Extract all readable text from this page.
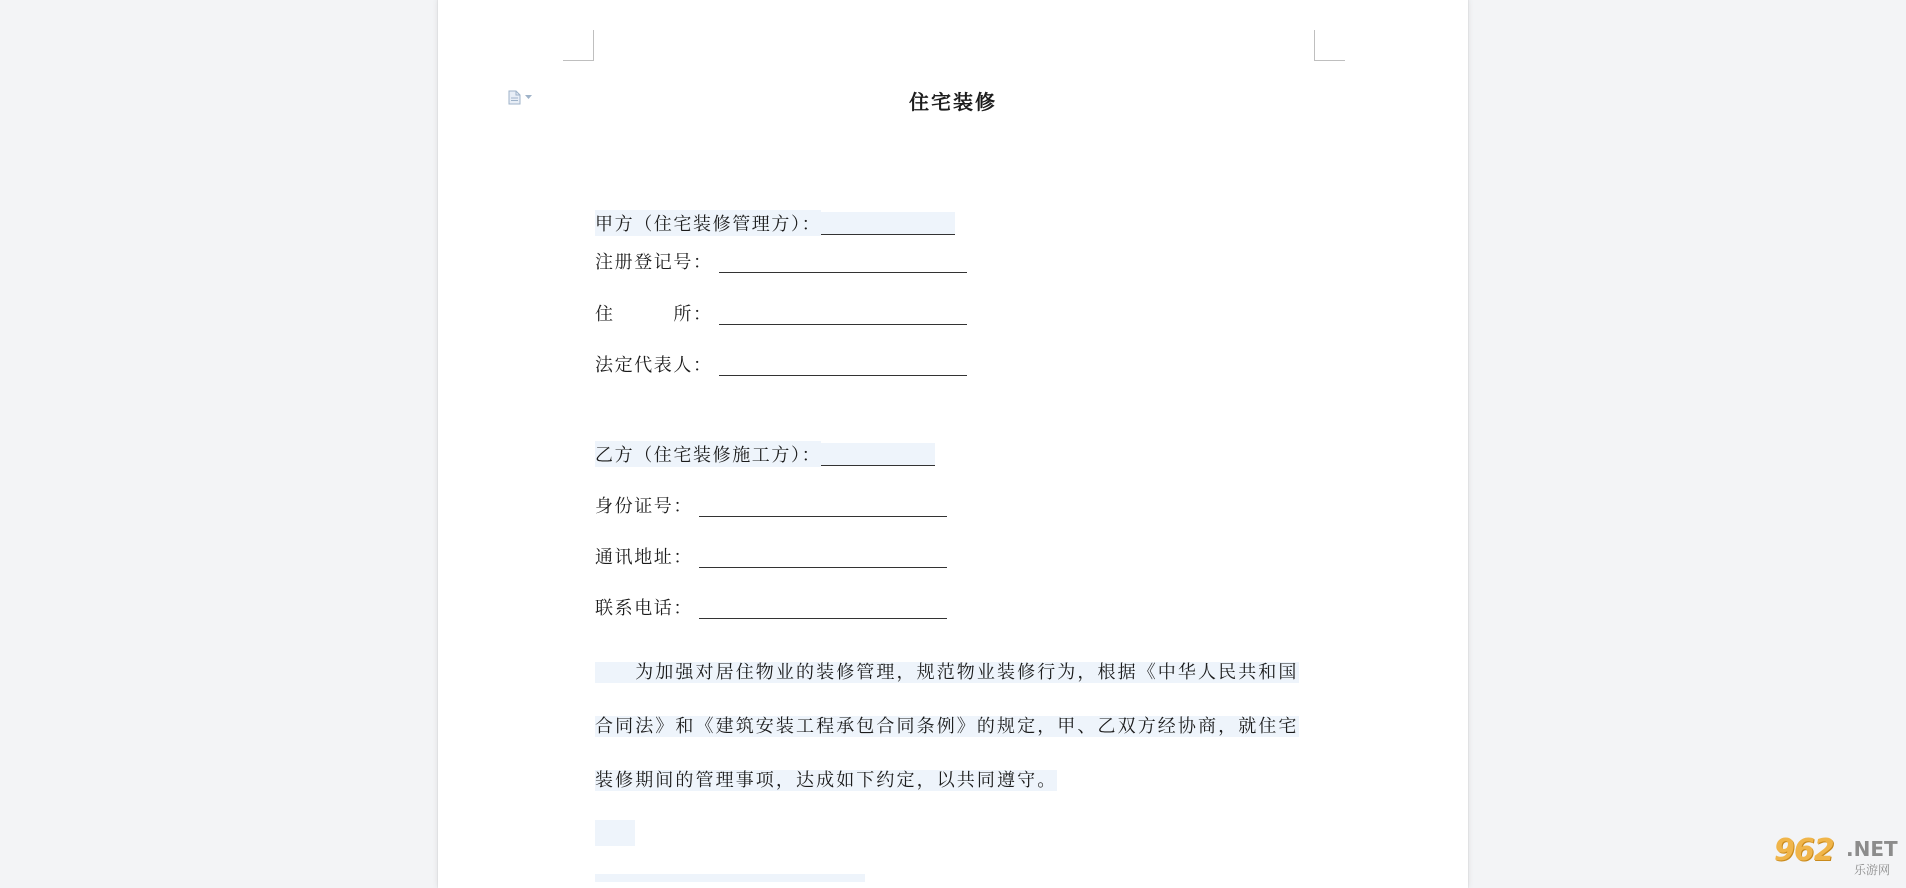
住宅装修
甲方（住宅装修管理方）：
注册登记号：
住　　　所：
法定代表人：
乙方（住宅装修施工方）：
身份证号：
通讯地址：
联系电话：
　　为加强对居住物业的装修管理，规范物业装修行为，根据《中华人民共和国
合同法》和《建筑安装工程承包合同条例》的规定，甲、乙双方经协商，就住宅
装修期间的管理事项，达成如下约定，以共同遵守。
962 .NET
乐游网
